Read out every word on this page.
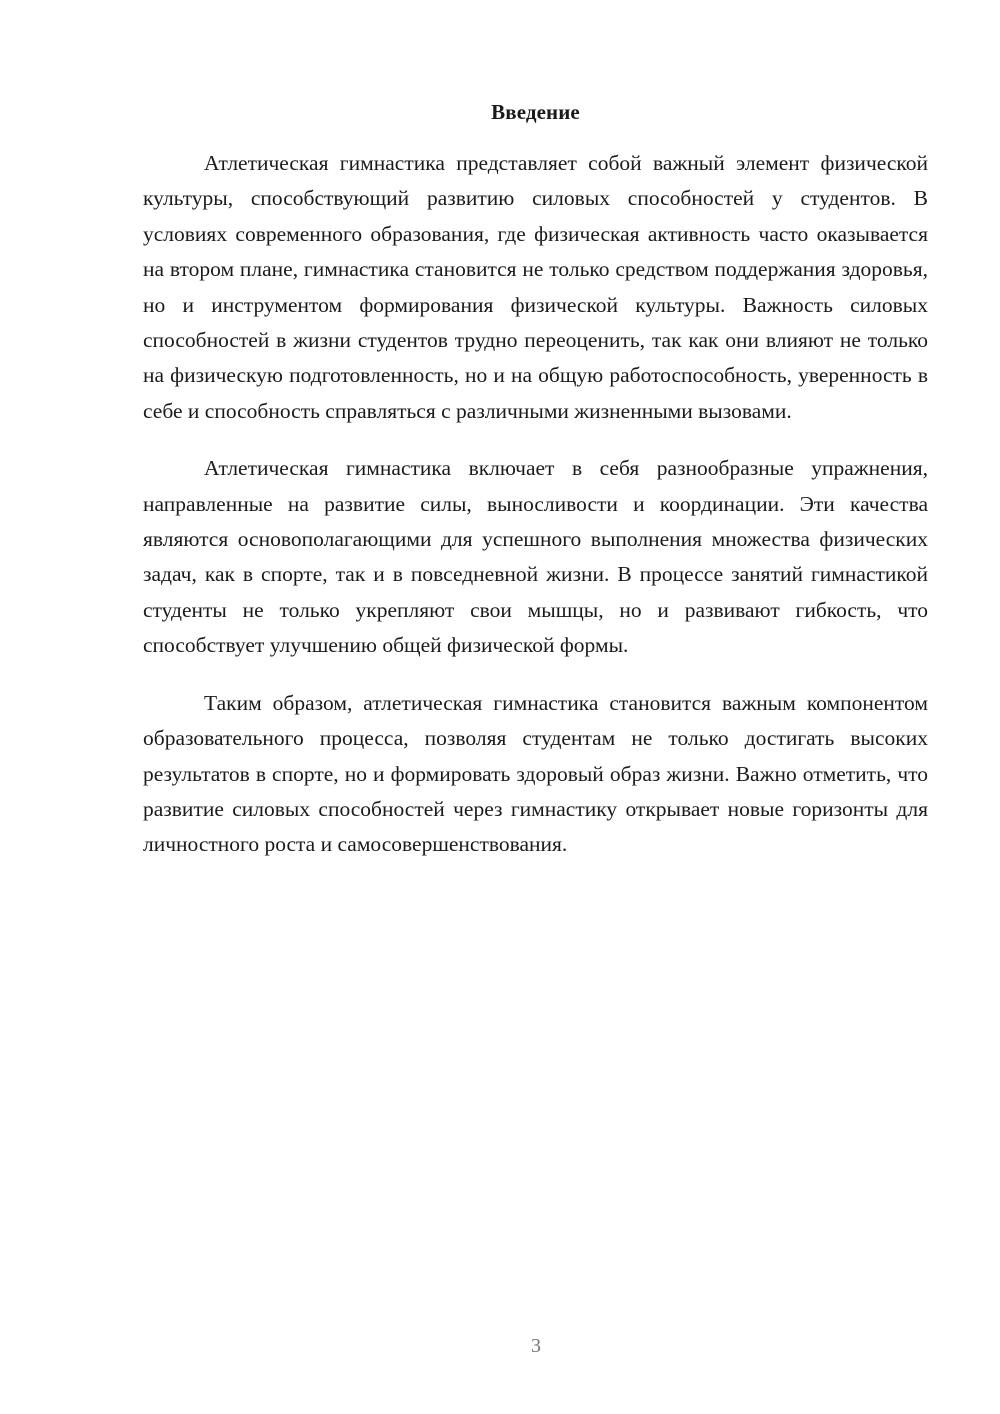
Введение

Атлетическая гимнастика представляет собой важный элемент физической культуры, способствующий развитию силовых способностей у студентов. В условиях современного образования, где физическая активность часто оказывается на втором плане, гимнастика становится не только средством поддержания здоровья, но и инструментом формирования физической культуры. Важность силовых способностей в жизни студентов трудно переоценить, так как они влияют не только на физическую подготовленность, но и на общую работоспособность, уверенность в себе и способность справляться с различными жизненными вызовами.

Атлетическая гимнастика включает в себя разнообразные упражнения, направленные на развитие силы, выносливости и координации. Эти качества являются основополагающими для успешного выполнения множества физических задач, как в спорте, так и в повседневной жизни. В процессе занятий гимнастикой студенты не только укрепляют свои мышцы, но и развивают гибкость, что способствует улучшению общей физической формы.

Таким образом, атлетическая гимнастика становится важным компонентом образовательного процесса, позволяя студентам не только достигать высоких результатов в спорте, но и формировать здоровый образ жизни. Важно отметить, что развитие силовых способностей через гимнастику открывает новые горизонты для личностного роста и самосовершенствования.

3
